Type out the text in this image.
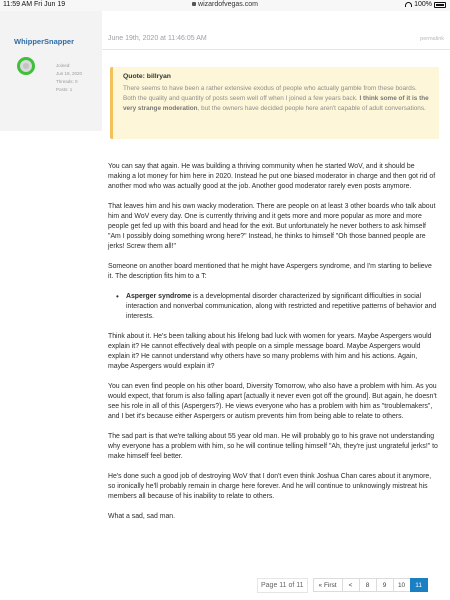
11:59 AM Fri Jun 19	wizardofvegas.com	100%
WhipperSnapper
Joined:
Jun 18, 2020
Threads: 0
Posts: 1
June 19th, 2020 at 11:46:05 AM	permalink
Quote: billryan
There seems to have been a rather extensive exodus of people who actually gamble from these boards. Both the quality and quantity of posts seem well off when I joined a few years back. I think some of it is the very strange moderation, but the owners have decided people here aren't capable of adult conversations.

You can say that again. He was building a thriving community when he started WoV, and it should be making a lot money for him here in 2020. Instead he put one biased moderator in charge and then got rid of another mod who was actually good at the job. Another good moderator rarely even posts anymore.

That leaves him and his own wacky moderation. There are people on at least 3 other boards who talk about him and WoV every day. One is currently thriving and it gets more and more popular as more and more people get fed up with this board and head for the exit. But unfortunately he never bothers to ask himself "Am I possibly doing something wrong here?" Instead, he thinks to himself "Oh those banned people are jerks! Screw them all!"

Someone on another board mentioned that he might have Aspergers syndrome, and I'm starting to believe it. The description fits him to a T:

• Asperger syndrome is a developmental disorder characterized by significant difficulties in social interaction and nonverbal communication, along with restricted and repetitive patterns of behavior and interests.

Think about it. He's been talking about his lifelong bad luck with women for years. Maybe Aspergers would explain it? He cannot effectively deal with people on a simple message board. Maybe Aspergers would explain it? He cannot understand why others have so many problems with him and his actions. Again, maybe Aspergers would explain it?

You can even find people on his other board, Diversity Tomorrow, who also have a problem with him. As you would expect, that forum is also falling apart [actually it never even got off the ground]. But again, he doesn't see his role in all of this (Aspergers?). He views everyone who has a problem with him as "troublemakers", and I bet it's because either Aspergers or autism prevents him from being able to relate to others.

The sad part is that we're talking about 55 year old man. He will probably go to his grave not understanding why everyone has a problem with him, so he will continue telling himself "Ah, they're just ungrateful jerks!" to make himself feel better.

He's done such a good job of destroying WoV that I don't even think Joshua Chan cares about it anymore, so ironically he'll probably remain in charge here forever. And he will continue to unknowingly mistreat his members all because of his inability to relate to others.

What a sad, sad man.

Page 11 of 11	« First	<	8	9	10	11
